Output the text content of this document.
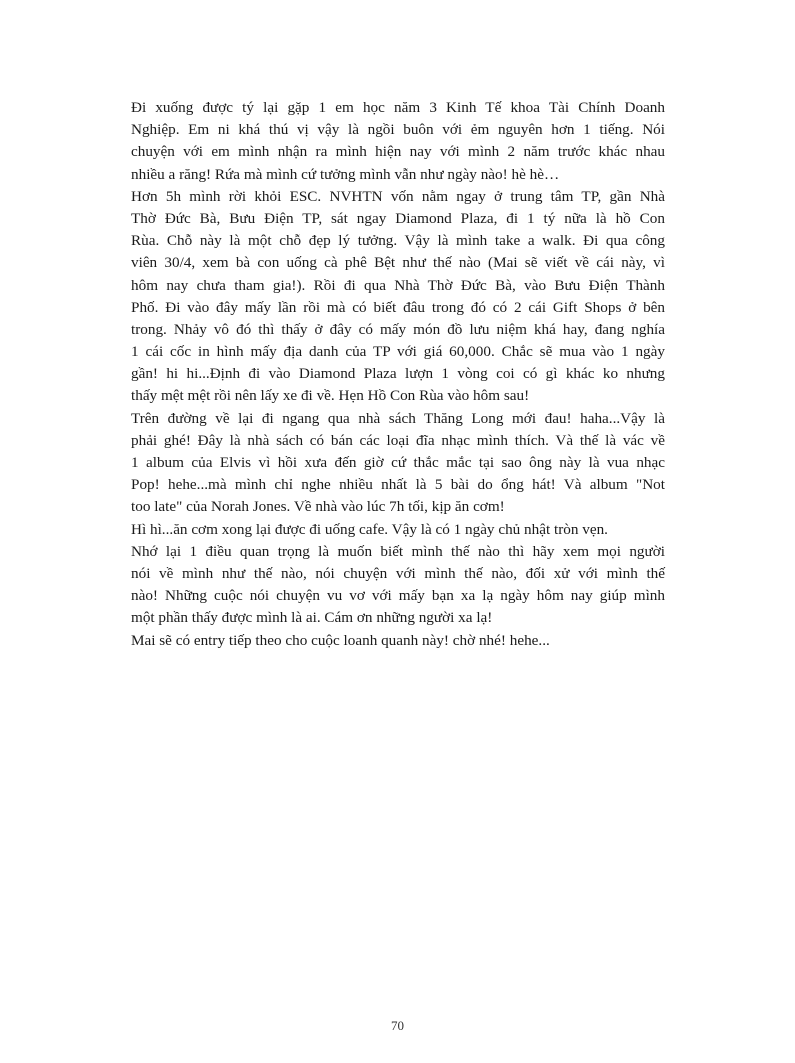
Đi xuống được tý lại gặp 1 em học năm 3 Kinh Tế khoa Tài Chính Doanh
Nghiệp. Em ni khá thú vị vậy là ngồi buôn với ẻm nguyên hơn 1 tiếng. Nói
chuyện với em mình nhận ra mình hiện nay với mình 2 năm trước khác nhau
nhiều a răng! Rứa mà mình cứ tưởng mình vẫn như ngày nào! hè hè…
Hơn 5h mình rời khỏi ESC. NVHTN vốn nằm ngay ở trung tâm TP, gần Nhà
Thờ Đức Bà, Bưu Điện TP, sát ngay Diamond Plaza, đi 1 tý nữa là hồ Con
Rùa. Chỗ này là một chỗ đẹp lý tưởng. Vậy là mình take a walk. Đi qua công
viên 30/4, xem bà con uống cà phê Bệt như thế nào (Mai sẽ viết về cái này, vì
hôm nay chưa tham gia!). Rồi đi qua Nhà Thờ Đức Bà, vào Bưu Điện Thành
Phố. Đi vào đây mấy lần rồi mà có biết đâu trong đó có 2 cái Gift Shops ở bên
trong. Nhảy vô đó thì thấy ở đây có mấy món đồ lưu niệm khá hay, đang nghía
1 cái cốc in hình mấy địa danh của TP với giá 60,000. Chắc sẽ mua vào 1 ngày
gần! hi hi...Định đi vào Diamond Plaza lượn 1 vòng coi có gì khác ko nhưng
thấy mệt mệt rồi nên lấy xe đi về. Hẹn Hồ Con Rùa vào hôm sau!
Trên đường về lại đi ngang qua nhà sách Thăng Long mới đau! haha...Vậy là
phải ghé! Đây là nhà sách có bán các loại đĩa nhạc mình thích. Và thế là vác về
1 album của Elvis vì hồi xưa đến giờ cứ thắc mắc tại sao ông này là vua nhạc
Pop! hehe...mà mình chỉ nghe nhiều nhất là 5 bài do ổng hát! Và album "Not
too late" của Norah Jones. Về nhà vào lúc 7h tối, kịp ăn cơm!
Hì hì...ăn cơm xong lại được đi uống cafe. Vậy là có 1 ngày chủ nhật tròn vẹn.
Nhớ lại 1 điều quan trọng là muốn biết mình thế nào thì hãy xem mọi người
nói về mình như thế nào, nói chuyện với mình thế nào, đối xử với mình thế
nào! Những cuộc nói chuyện vu vơ với mấy bạn xa lạ ngày hôm nay giúp mình
một phần thấy được mình là ai. Cám ơn những người xa lạ!
Mai sẽ có entry tiếp theo cho cuộc loanh quanh này! chờ nhé! hehe...
70
